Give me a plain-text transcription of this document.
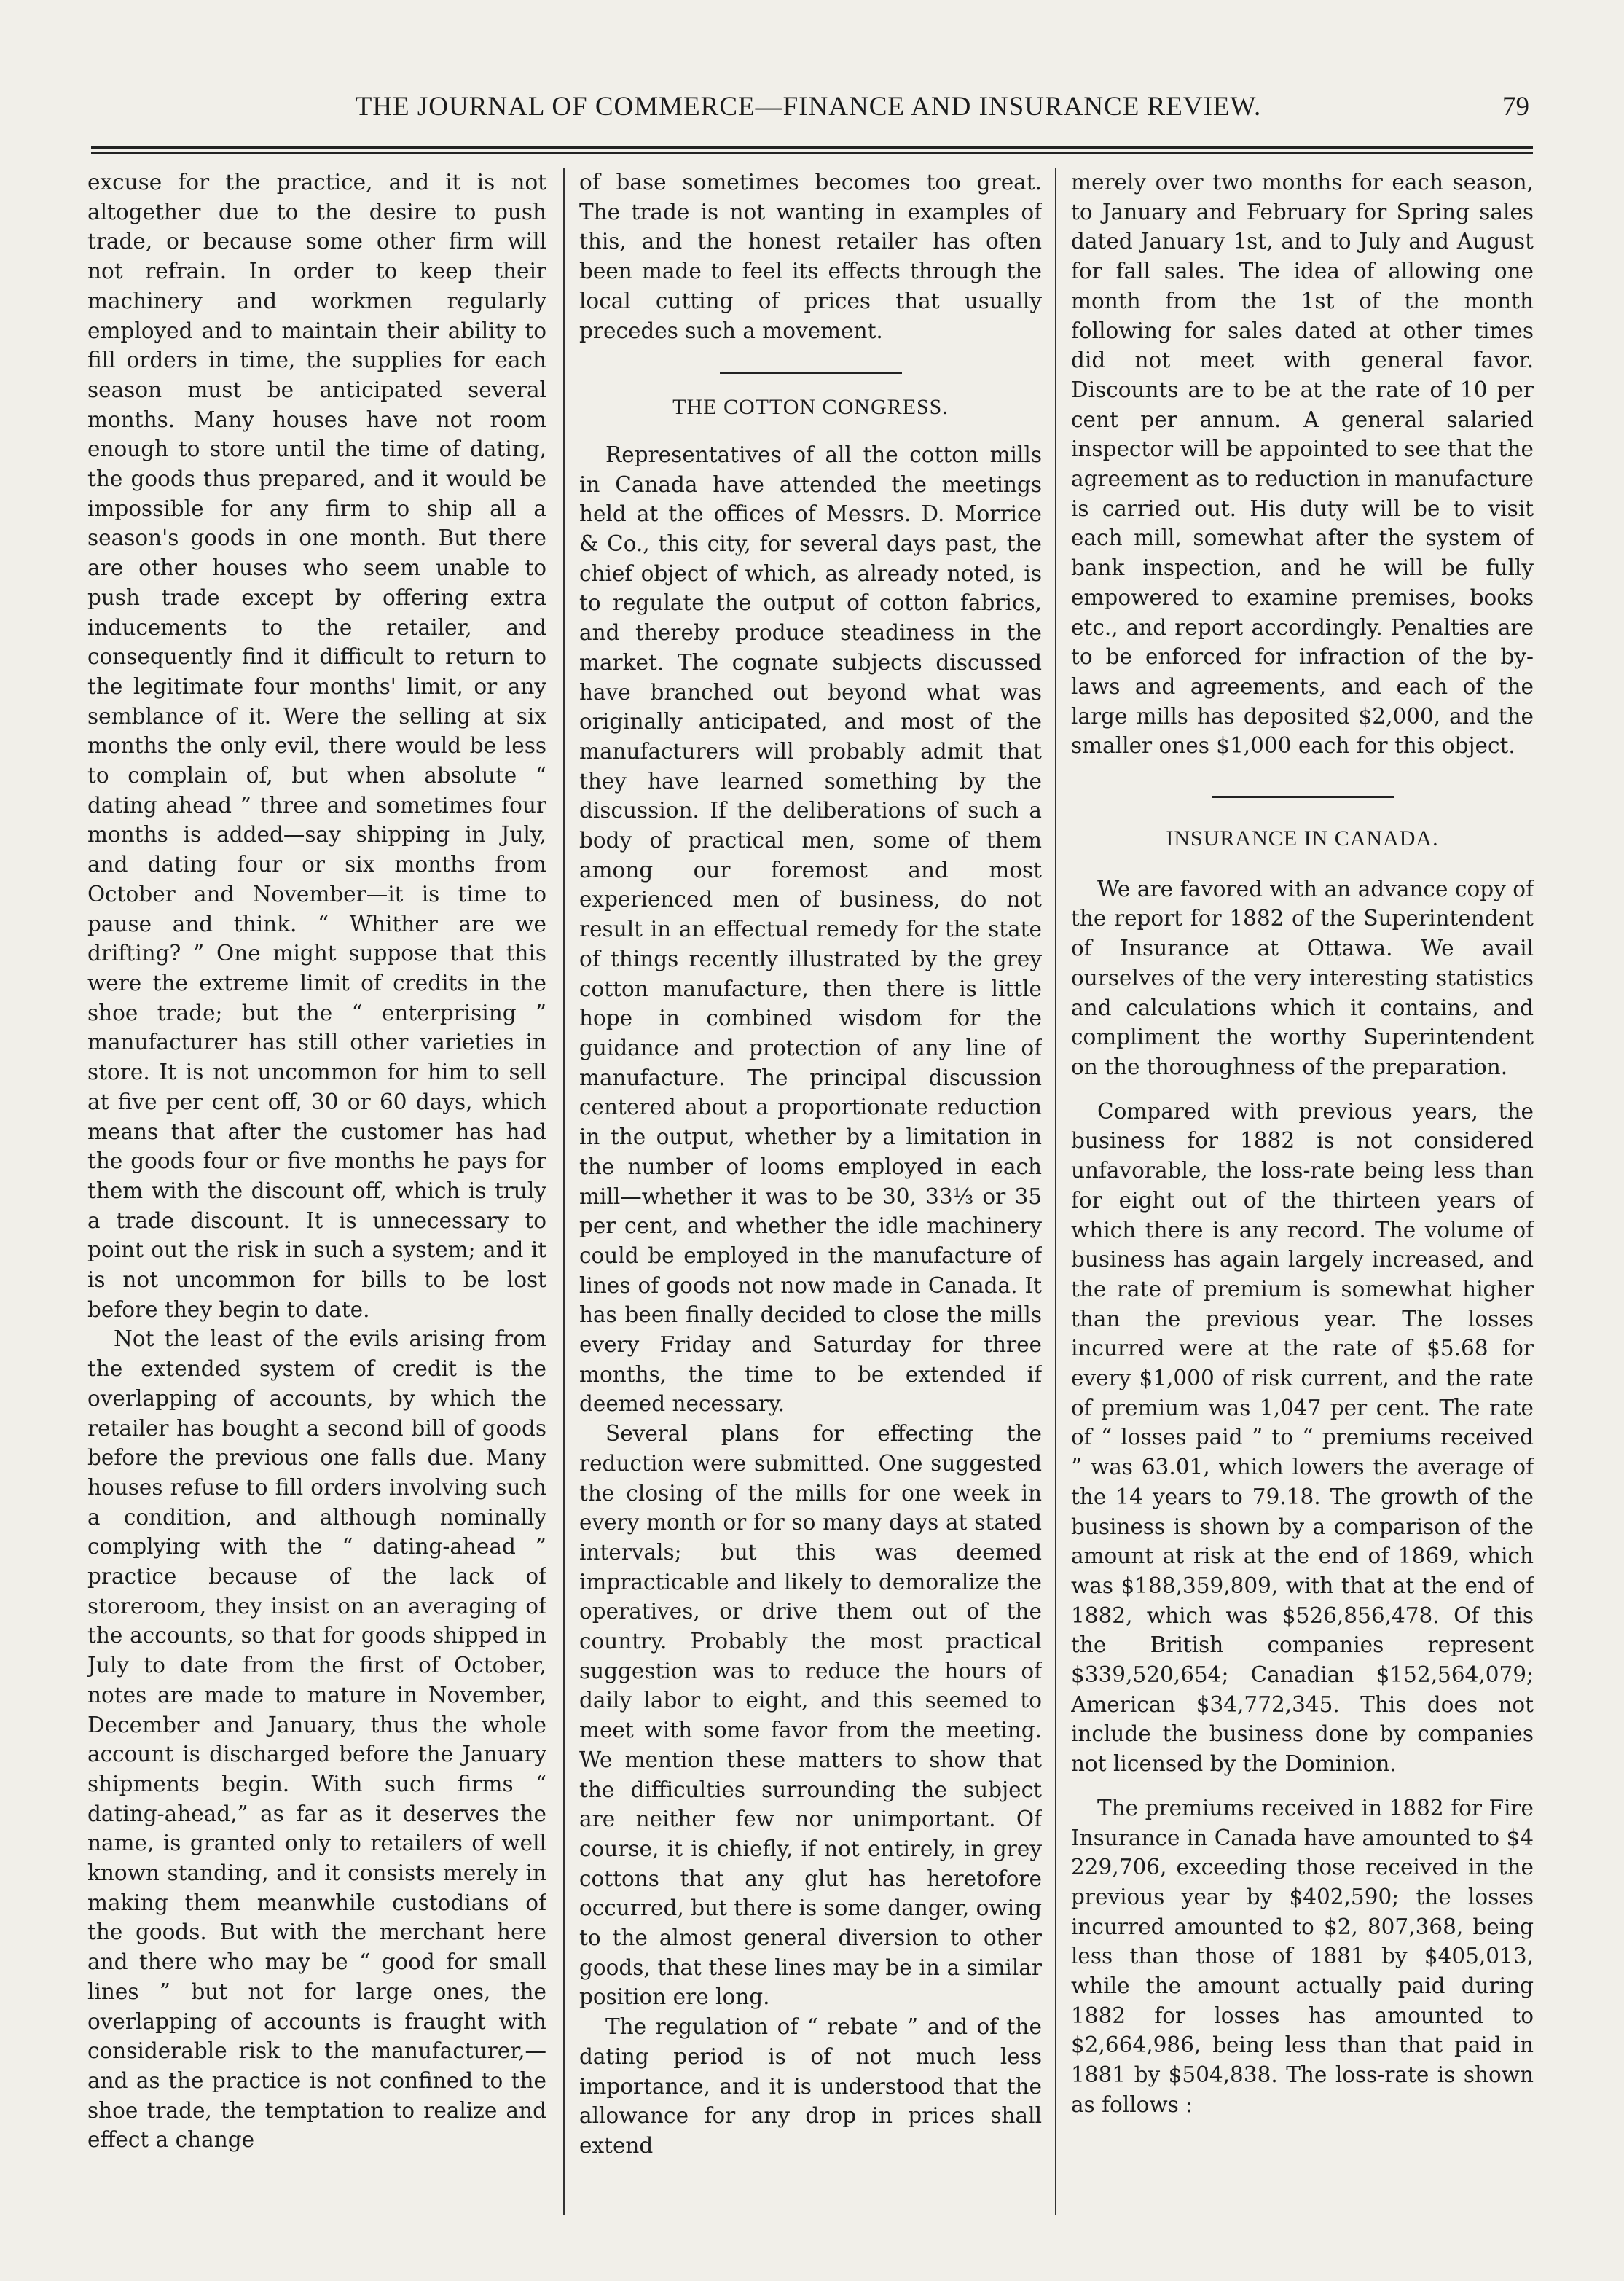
THE JOURNAL OF COMMERCE—FINANCE AND INSURANCE REVIEW.	79

excuse for the practice, and it is not altogether due to the desire to push trade, or because some other firm will not refrain. In order to keep their machinery and workmen regularly employed and to maintain their ability to fill orders in time, the supplies for each season must be anticipated several months. Many houses have not room enough to store until the time of dating, the goods thus prepared, and it would be impossible for any firm to ship all a season's goods in one month. But there are other houses who seem unable to push trade except by offering extra inducements to the retailer, and consequently find it difficult to return to the legitimate four months' limit, or any semblance of it. Were the selling at six months the only evil, there would be less to complain of, but when absolute “ dating ahead ” three and sometimes four months is added—say shipping in July, and dating four or six months from October and November—it is time to pause and think. “ Whither are we drifting? ” One might suppose that this were the extreme limit of credits in the shoe trade; but the “ enterprising ” manufacturer has still other varieties in store. It is not uncommon for him to sell at five per cent off, 30 or 60 days, which means that after the customer has had the goods four or five months he pays for them with the discount off, which is truly a trade discount. It is unnecessary to point out the risk in such a system; and it is not uncommon for bills to be lost before they begin to date.

Not the least of the evils arising from the extended system of credit is the overlapping of accounts, by which the retailer has bought a second bill of goods before the previous one falls due. Many houses refuse to fill orders involving such a condition, and although nominally complying with the “ dating-ahead ” practice because of the lack of storeroom, they insist on an averaging of the accounts, so that for goods shipped in July to date from the first of October, notes are made to mature in November, December and January, thus the whole account is discharged before the January shipments begin. With such firms “ dating-ahead,” as far as it deserves the name, is granted only to retailers of well known standing, and it consists merely in making them meanwhile custodians of the goods. But with the merchant here and there who may be “ good for small lines ” but not for large ones, the overlapping of accounts is fraught with considerable risk to the manufacturer,—and as the practice is not confined to the shoe trade, the temptation to realize and effect a change

of base sometimes becomes too great. The trade is not wanting in examples of this, and the honest retailer has often been made to feel its effects through the local cutting of prices that usually precedes such a movement.

THE COTTON CONGRESS.

Representatives of all the cotton mills in Canada have attended the meetings held at the offices of Messrs. D. Morrice & Co., this city, for several days past, the chief object of which, as already noted, is to regulate the output of cotton fabrics, and thereby produce steadiness in the market. The cognate subjects discussed have branched out beyond what was originally anticipated, and most of the manufacturers will probably admit that they have learned something by the discussion. If the deliberations of such a body of practical men, some of them among our foremost and most experienced men of business, do not result in an effectual remedy for the state of things recently illustrated by the grey cotton manufacture, then there is little hope in combined wisdom for the guidance and protection of any line of manufacture. The principal discussion centered about a proportionate reduction in the output, whether by a limitation in the number of looms employed in each mill—whether it was to be 30, 33⅓ or 35 per cent, and whether the idle machinery could be employed in the manufacture of lines of goods not now made in Canada. It has been finally decided to close the mills every Friday and Saturday for three months, the time to be extended if deemed necessary.

Several plans for effecting the reduction were submitted. One suggested the closing of the mills for one week in every month or for so many days at stated intervals; but this was deemed impracticable and likely to demoralize the operatives, or drive them out of the country. Probably the most practical suggestion was to reduce the hours of daily labor to eight, and this seemed to meet with some favor from the meeting. We mention these matters to show that the difficulties surrounding the subject are neither few nor unimportant. Of course, it is chiefly, if not entirely, in grey cottons that any glut has heretofore occurred, but there is some danger, owing to the almost general diversion to other goods, that these lines may be in a similar position ere long.

The regulation of “ rebate ” and of the dating period is of not much less importance, and it is understood that the allowance for any drop in prices shall extend

merely over two months for each season, to January and February for Spring sales dated January 1st, and to July and August for fall sales. The idea of allowing one month from the 1st of the month following for sales dated at other times did not meet with general favor. Discounts are to be at the rate of 10 per cent per annum. A general salaried inspector will be appointed to see that the agreement as to reduction in manufacture is carried out. His duty will be to visit each mill, somewhat after the system of bank inspection, and he will be fully empowered to examine premises, books etc., and report accordingly. Penalties are to be enforced for infraction of the by-laws and agreements, and each of the large mills has deposited $2,000, and the smaller ones $1,000 each for this object.

INSURANCE IN CANADA.

We are favored with an advance copy of the report for 1882 of the Superintendent of Insurance at Ottawa. We avail ourselves of the very interesting statistics and calculations which it contains, and compliment the worthy Superintendent on the thoroughness of the preparation.

Compared with previous years, the business for 1882 is not considered unfavorable, the loss-rate being less than for eight out of the thirteen years of which there is any record. The volume of business has again largely increased, and the rate of premium is somewhat higher than the previous year. The losses incurred were at the rate of $5.68 for every $1,000 of risk current, and the rate of premium was 1,047 per cent. The rate of “ losses paid ” to “ premiums received ” was 63.01, which lowers the average of the 14 years to 79.18. The growth of the business is shown by a comparison of the amount at risk at the end of 1869, which was $188,359,809, with that at the end of 1882, which was $526,856,478. Of this the British companies represent $339,520,654; Canadian $152,564,079; American $34,772,345. This does not include the business done by companies not licensed by the Dominion.

The premiums received in 1882 for Fire Insurance in Canada have amounted to $4 229,706, exceeding those received in the previous year by $402,590; the losses incurred amounted to $2, 807,368, being less than those of 1881 by $405,013, while the amount actually paid during 1882 for losses has amounted to $2,664,986, being less than that paid in 1881 by $504,838. The loss-rate is shown as follows :
